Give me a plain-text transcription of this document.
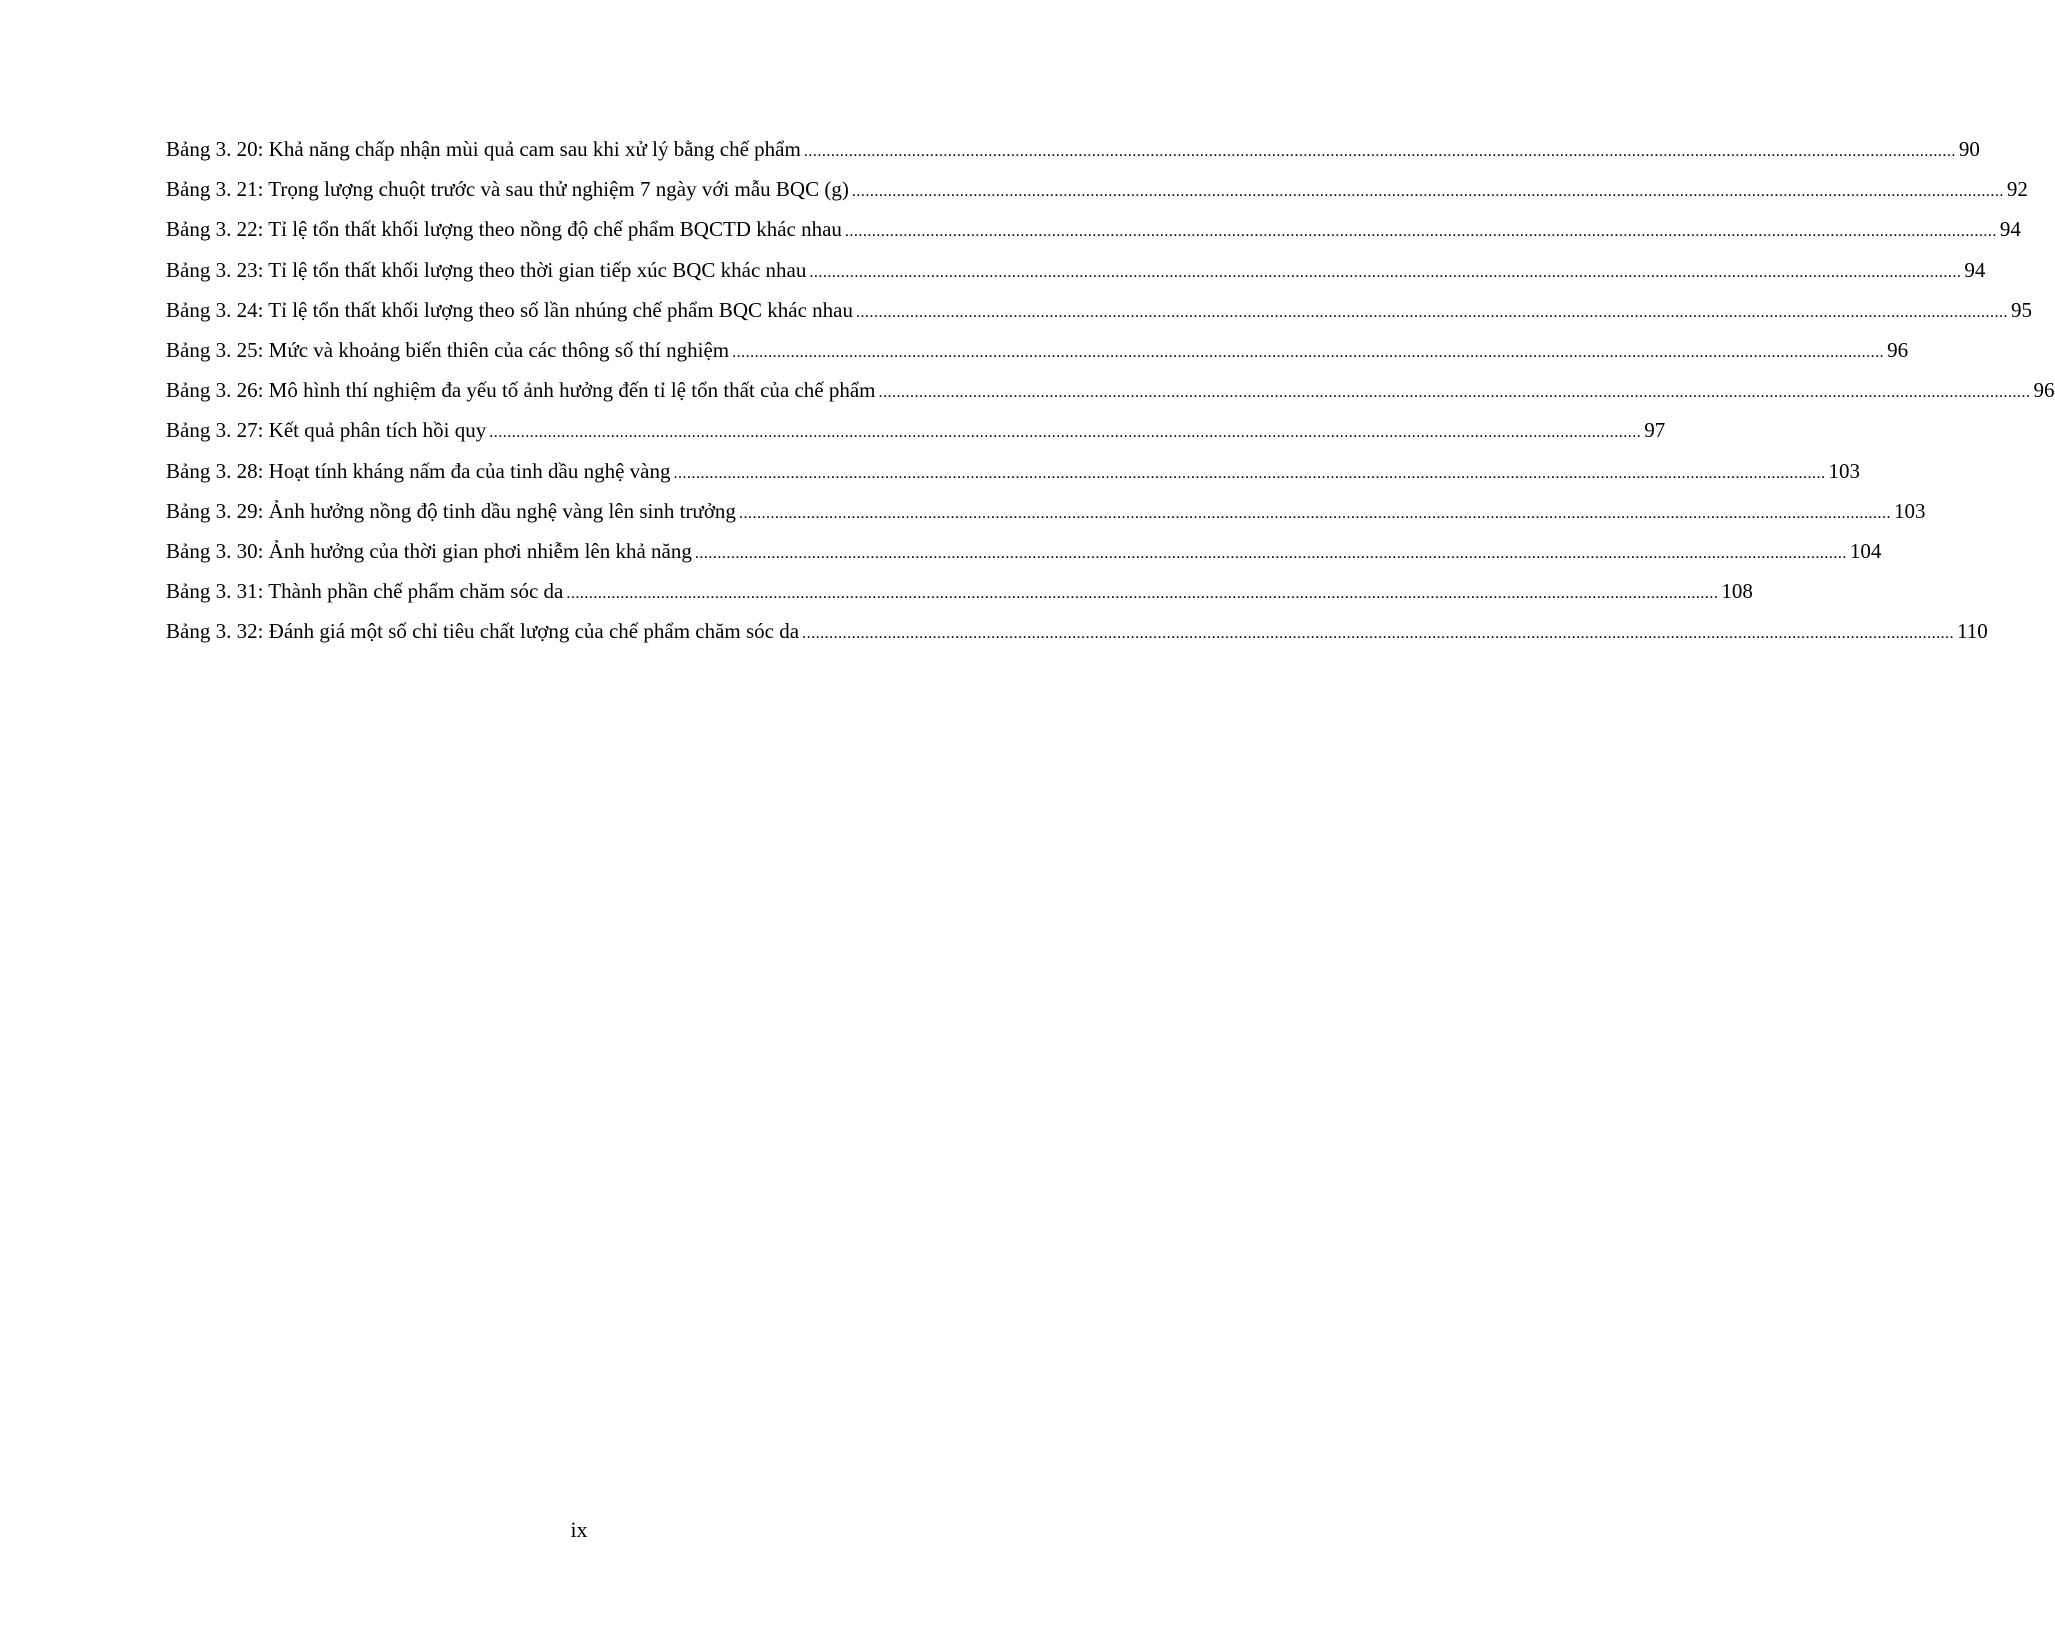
Bảng 3. 20: Khả năng chấp nhận mùi quả cam sau khi xử lý bằng chế phẩm .....	90
Bảng 3. 21: Trọng lượng chuột trước và sau thử nghiệm 7 ngày với mẫu BQC (g) .....	92
Bảng 3. 22: Tỉ lệ tổn thất khối lượng theo nồng độ chế phẩm BQCTD khác nhau .....	94
Bảng 3. 23: Tỉ lệ tổn thất khối lượng theo thời gian tiếp xúc BQC khác nhau .....	94
Bảng 3. 24: Tỉ lệ tổn thất khối lượng theo số lần nhúng chế phẩm BQC khác nhau .....	95
Bảng 3. 25: Mức và khoảng biến thiên của các thông số thí nghiệm .....	96
Bảng 3. 26: Mô hình thí nghiệm đa yếu tố ảnh hưởng đến tỉ lệ tổn thất của chế phẩm .....	96
Bảng 3. 27: Kết quả phân tích hồi quy .....	97
Bảng 3. 28: Hoạt tính kháng nấm đa của tinh dầu nghệ vàng .....	103
Bảng 3. 29: Ảnh hưởng nồng độ tinh dầu nghệ vàng lên sinh trưởng .....	103
Bảng 3. 30: Ảnh hưởng của thời gian phơi nhiễm lên khả năng .....	104
Bảng 3. 31: Thành phần chế phẩm chăm sóc da .....	108
Bảng 3. 32: Đánh giá một số chỉ tiêu chất lượng của chế phẩm chăm sóc da .....	110
ix
